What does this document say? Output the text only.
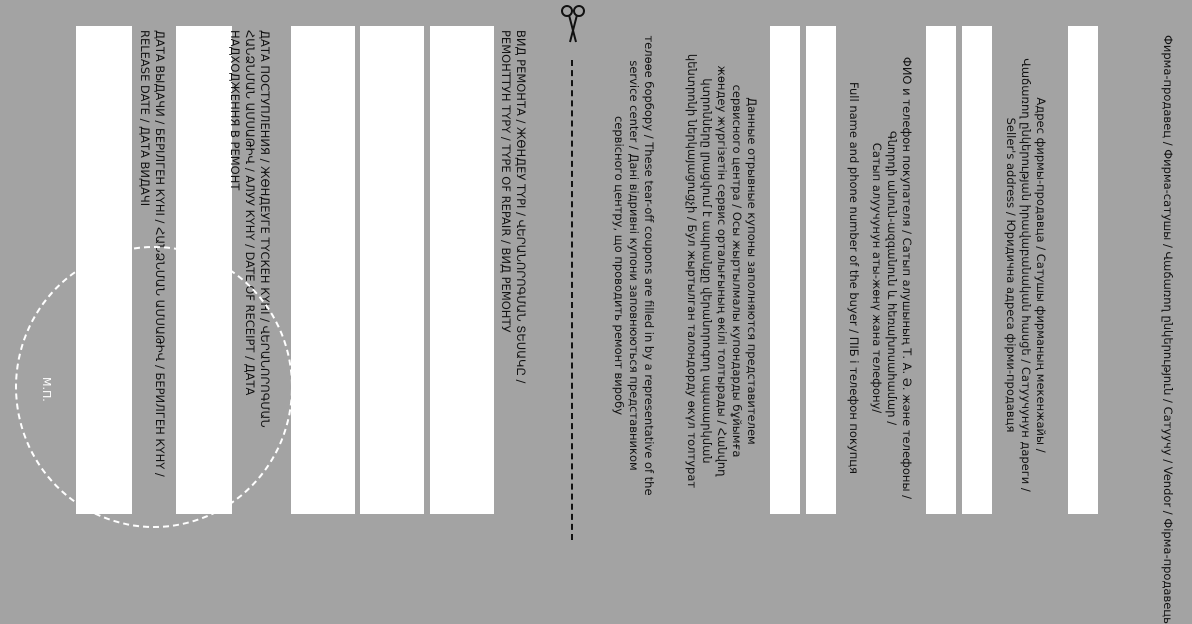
Фирма-продавец / Фирма-сатушы / Վաճառող ընկերություն / Сатуучу / Vendor / Фірма-продавець
Адрес фирмы-продавца / Сатушы фирманың мекенжайы /
Վաճառող ընկերության իրավաբանական հասցե / Сатуучунун дареги /
Seller's address / Юридична адреса фірми-продавця
ФИО и телефон покупателя / Сатып алушының Т. А. Ә. және телефоны /
Գնորդի անուն-ազգանուն և հեռախոսահամար /
Сатып алуучунун аты-жөнү жана телефону/
Full name and phone number of the buyer / ПІБ і телефон покупця
Данные отрывные купоны заполняются представителем
сервисного центра / Осы жыртылмалы купондарды бұйымға
жөндеу жүргізетін сервис орталығының өкілі толтырады / Հանվող
կտրոնները լրացվում է ապրանքը վերանորոգող սպասարկման
կենտրոնի ներկայացուցչի / Бул жыртылган талондорду өкүл толтурат
телөөе борбору / These tear-off coupons are filled in by a representative of the
service center / Дані відривні купони заповнюються представником
сервісного центру, що проводить ремонт виробу
ВИД РЕМОНТА / ЖӨНДЕУ ТҮРІ / ՎԵՐԱՆՈՐՈԳՄԱՆ ՏԵՍԱԿԸ /
РЕМОНТТУН ТҮРҮ / TYPE OF REPAIR / ВИД РЕМОНТУ
ДАТА ПОСТУПЛЕНИЯ / ЖӨНДЕУГЕ ТҮСКЕН КҮНІ / ՎԵՐԱՆՈՐՈԳՄԱՆ
ՀԱՆՁՆՄԱՆ ԱՄՍԱԹԻՎ / АЛУУ КҮНҮ / DATE OF RECEIPT / ДАТА
НАДХОДЖЕННЯ В РЕМОНТ
ДАТА ВЫДАЧИ / БЕРІЛГЕН КҮНІ / ՀԱՆՁՆՄԱՆ ԱՄՍԱԹԻՎ / БЕРИЛГЕН КҮНҮ /
RELEASE DATE / ДАТА ВИДАЧІ
М.П.
